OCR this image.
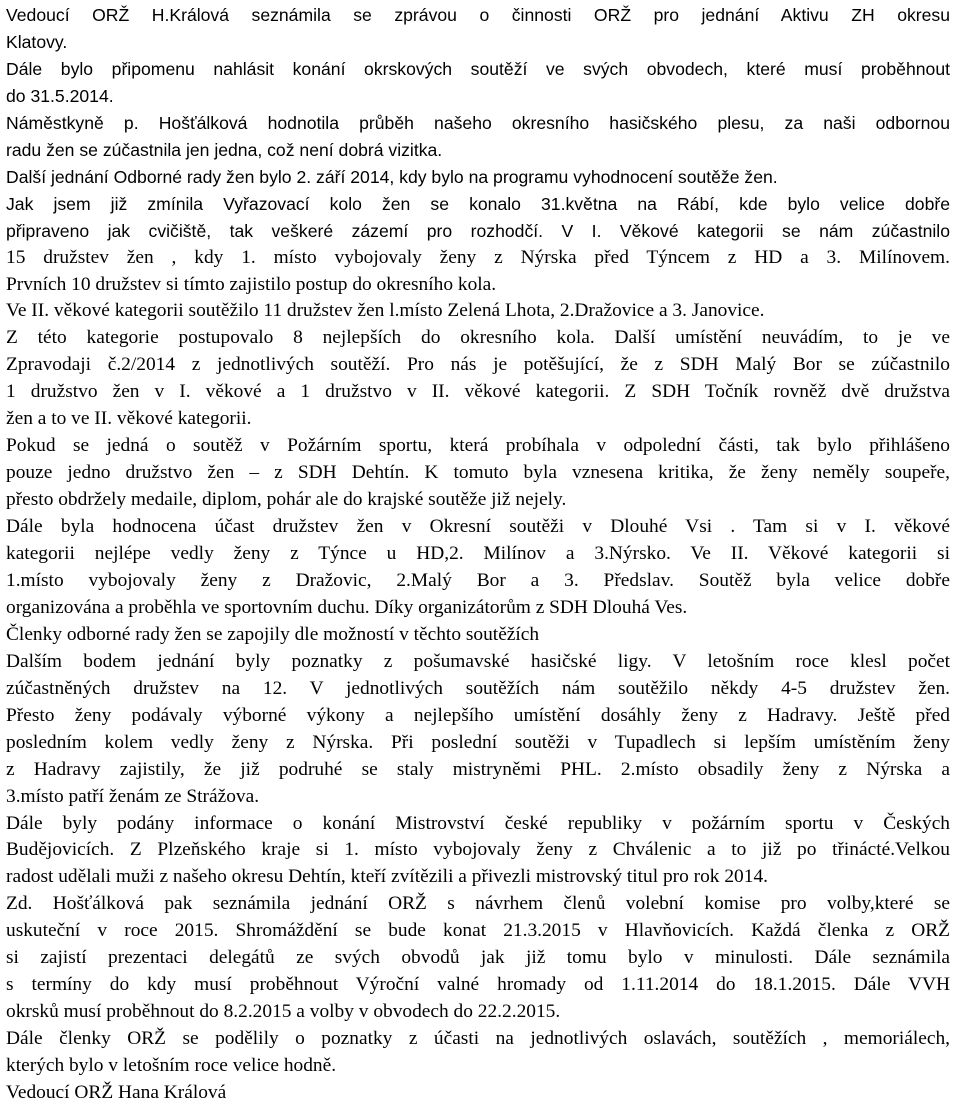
Vedoucí ORŽ H.Králová seznámila se zprávou o činnosti ORŽ pro jednání Aktivu ZH okresu
Klatovy.
Dále bylo připomenu nahlásit konání okrskových soutěží ve svých obvodech, které musí proběhnout
do 31.5.2014.
Náměstkyně p. Hošťálková hodnotila průběh našeho okresního hasičského plesu, za naši odbornou
radu žen se zúčastnila jen jedna, což není dobrá vizitka.
Další jednání Odborné rady žen bylo 2. září 2014, kdy bylo na programu vyhodnocení soutěže žen.
Jak jsem již zmínila Vyřazovací kolo žen se konalo 31.května na Rábí, kde bylo velice dobře
připraveno jak cvičiště, tak veškeré zázemí pro rozhodčí. V I. Věkové kategorii se nám zúčastnilo
15 družstev žen , kdy 1. místo vybojovaly ženy z Nýrska před Týncem z HD a 3. Milínovem.
Prvních 10 družstev si tímto zajistilo postup do okresního kola.
Ve II. věkové kategorii soutěžilo 11 družstev žen l.místo Zelená Lhota, 2.Dražovice a 3. Janovice.
Z této kategorie postupovalo 8 nejlepších do okresního kola. Další umístění neuvádím, to je ve
Zpravodaji č.2/2014 z jednotlivých soutěží. Pro nás je potěšující, že z SDH Malý Bor se zúčastnilo
1 družstvo žen v I. věkové a 1 družstvo v II. věkové kategorii. Z SDH Točník rovněž dvě družstva
žen a to ve II. věkové kategorii.
Pokud se jedná o soutěž v Požárním sportu, která probíhala v odpolední části, tak bylo přihlášeno
pouze jedno družstvo žen – z SDH Dehtín. K tomuto byla vznesena kritika, že ženy neměly soupeře,
přesto obdržely medaile, diplom, pohár ale do krajské soutěže již nejely.
Dále byla hodnocena účast družstev žen v Okresní soutěži v Dlouhé Vsi . Tam si v I. věkové
kategorii nejlépe vedly ženy z Týnce u HD,2. Milínov a 3.Nýrsko. Ve II. Věkové kategorii si
1.místo vybojovaly ženy z Dražovic, 2.Malý Bor a 3. Předslav. Soutěž byla velice dobře
organizována a proběhla ve sportovním duchu. Díky organizátorům z SDH Dlouhá Ves.
Členky odborné rady žen se zapojily dle možností v těchto soutěžích
Dalším bodem jednání byly poznatky z pošumavské hasičské ligy. V letošním roce klesl počet
zúčastněných družstev na 12. V jednotlivých soutěžích nám soutěžilo někdy 4-5 družstev žen.
Přesto ženy podávaly výborné výkony a nejlepšího umístění dosáhly ženy z Hadravy. Ještě před
posledním kolem vedly ženy z Nýrska. Při poslední soutěži v Tupadlech si lepším umístěním ženy
z Hadravy zajistily, že již podruhé se staly mistryněmi PHL. 2.místo obsadily ženy z Nýrska a
3.místo patří ženám ze Strážova.
Dále byly podány informace o konání Mistrovství české republiky v požárním sportu v Českých
Budějovicích. Z Plzeňského kraje si 1. místo vybojovaly ženy z Chválenic a to již po třinácté.Velkou
radost udělali muži z našeho okresu Dehtín, kteří zvítězili a přivezli mistrovský titul pro rok 2014.
Zd. Hošťálková pak seznámila jednání ORŽ s návrhem členů volební komise pro volby,které se
uskuteční v roce 2015. Shromáždění se bude konat 21.3.2015 v Hlavňovicích. Každá členka z ORŽ
si zajistí prezentaci delegátů ze svých obvodů jak již tomu bylo v minulosti. Dále seznámila
s termíny do kdy musí proběhnout Výroční valné hromady od 1.11.2014 do 18.1.2015. Dále VVH
okrsků musí proběhnout do 8.2.2015 a volby v obvodech do 22.2.2015.
Dále členky ORŽ se podělily o poznatky z účasti na jednotlivých oslavách, soutěžích , memoriálech,
kterých bylo v letošním roce velice hodně.
Vedoucí ORŽ Hana Králová
